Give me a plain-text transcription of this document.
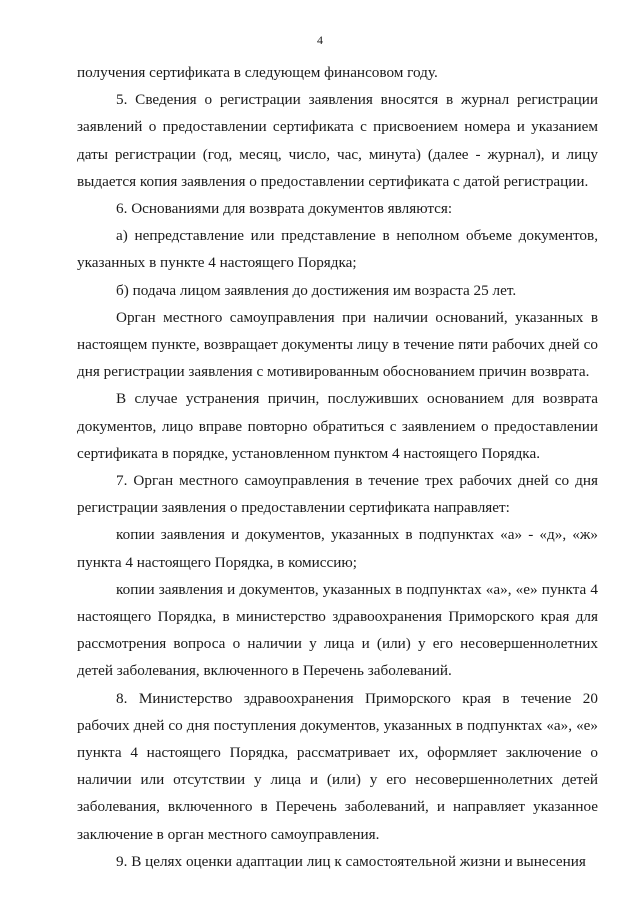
4

получения сертификата в следующем финансовом году.

5. Сведения о регистрации заявления вносятся в журнал регистрации заявлений о предоставлении сертификата с присвоением номера и указанием даты регистрации (год, месяц, число, час, минута) (далее - журнал), и лицу выдается копия заявления о предоставлении сертификата с датой регистрации.

6. Основаниями для возврата документов являются:

а) непредставление или представление в неполном объеме документов, указанных в пункте 4 настоящего Порядка;

б) подача лицом заявления до достижения им возраста 25 лет.

Орган местного самоуправления при наличии оснований, указанных в настоящем пункте, возвращает документы лицу в течение пяти рабочих дней со дня регистрации заявления с мотивированным обоснованием причин возврата.

В случае устранения причин, послуживших основанием для возврата документов, лицо вправе повторно обратиться с заявлением о предоставлении сертификата в порядке, установленном пунктом 4 настоящего Порядка.

7. Орган местного самоуправления в течение трех рабочих дней со дня регистрации заявления о предоставлении сертификата направляет:

копии заявления и документов, указанных в подпунктах «а» - «д», «ж» пункта 4 настоящего Порядка, в комиссию;

копии заявления и документов, указанных в подпунктах «а», «е» пункта 4 настоящего Порядка, в министерство здравоохранения Приморского края для рассмотрения вопроса о наличии у лица и (или) у его несовершеннолетних детей заболевания, включенного в Перечень заболеваний.

8. Министерство здравоохранения Приморского края в течение 20 рабочих дней со дня поступления документов, указанных в подпунктах «а», «е» пункта 4 настоящего Порядка, рассматривает их, оформляет заключение о наличии или отсутствии у лица и (или) у его несовершеннолетних детей заболевания, включенного в Перечень заболеваний, и направляет указанное заключение в орган местного самоуправления.

9. В целях оценки адаптации лиц к самостоятельной жизни и вынесения
